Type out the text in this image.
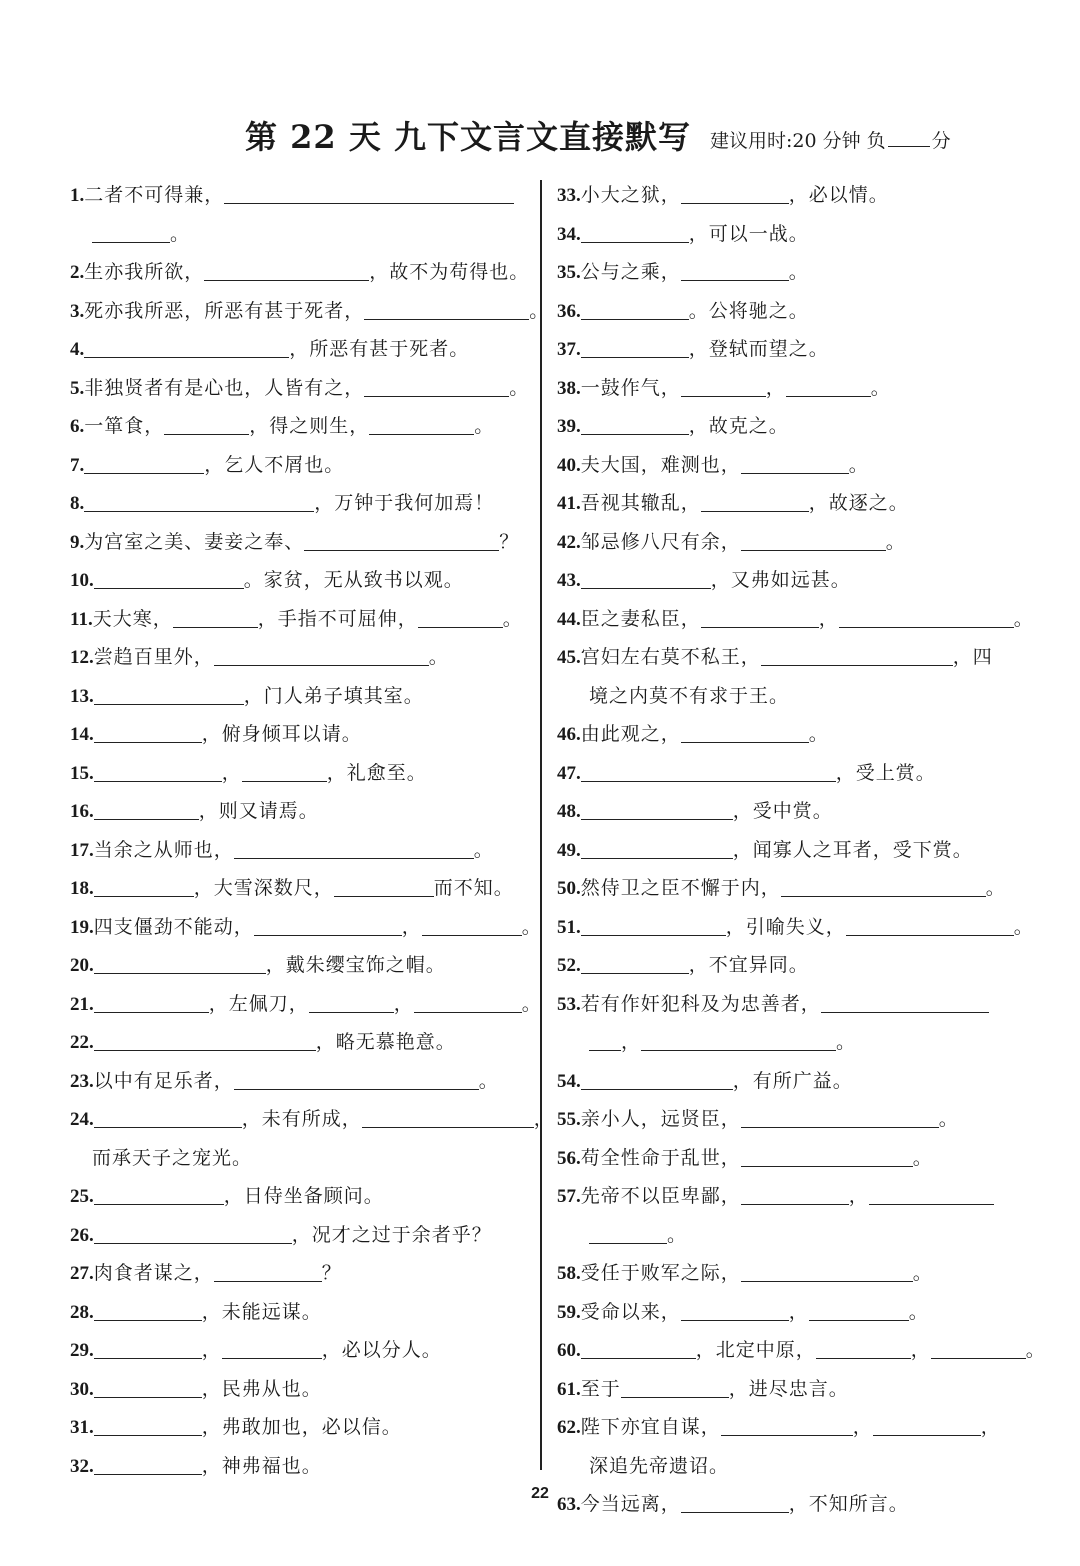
第 22 天 九下文言文直接默写 建议用时:20 分钟 负 分
1.二者不可得兼，
。
2.生亦我所欲，	，故不为苟得也。
3.死亦我所恶，所恶有甚于死者，	。
4.	，所恶有甚于死者。
5.非独贤者有是心也，人皆有之，	。
6.一箪食，	，得之则生，	。
7.	，乞人不屑也。
8.	，万钟于我何加焉！
9.为宫室之美、妻妾之奉、	？
10.	。家贫，无从致书以观。
11.天大寒，	，手指不可屈伸，	。
12.尝趋百里外，	。
13.	，门人弟子填其室。
14.	，俯身倾耳以请。
15.	，	，礼愈至。
16.	，则又请焉。
17.当余之从师也，	。
18.	，大雪深数尺，	而不知。
19.四支僵劲不能动，	，	。
20.	，戴朱缨宝饰之帽。
21.	，左佩刀，	，	。
22.	，略无慕艳意。
23.以中有足乐者，	。
24.	，未有所成，	，
而承天子之宠光。
25.	，日侍坐备顾问。
26.	，况才之过于余者乎？
27.肉食者谋之，	？
28.	，未能远谋。
29.	，	，必以分人。
30.	，民弗从也。
31.	，弗敢加也，必以信。
32.	，神弗福也。
33.小大之狱，	，必以情。
34.	，可以一战。
35.公与之乘，	。
36.	。公将驰之。
37.	，登轼而望之。
38.一鼓作气，	，	。
39.	，故克之。
40.夫大国，难测也，	。
41.吾视其辙乱，	，故逐之。
42.邹忌修八尺有余，	。
43.	，又弗如远甚。
44.臣之妻私臣，	，	。
45.宫妇左右莫不私王，	，四
境之内莫不有求于王。
46.由此观之，	。
47.	，受上赏。
48.	，受中赏。
49.	，闻寡人之耳者，受下赏。
50.然侍卫之臣不懈于内，	。
51.	，引喻失义，	。
52.	，不宜异同。
53.若有作奸犯科及为忠善者，
，	。
54.	，有所广益。
55.亲小人，远贤臣，	。
56.苟全性命于乱世，	。
57.先帝不以臣卑鄙，	，
。
58.受任于败军之际，	。
59.受命以来，	，	。
60.	，北定中原，	，	。
61.至于	，进尽忠言。
62.陛下亦宜自谋，	，	，
深追先帝遗诏。
63.今当远离，	，不知所言。
22
